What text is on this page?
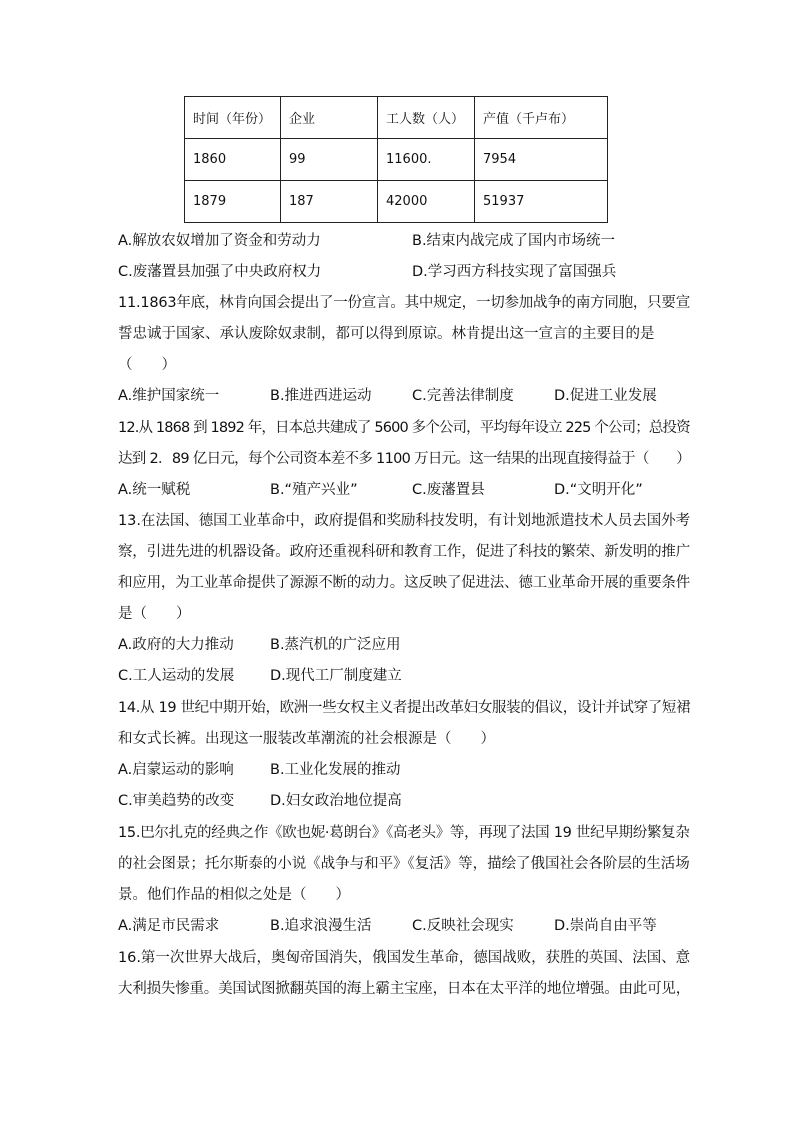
时间（年份）	企业	工人数（人）	产值（千卢布）
1860	99	11600.	7954
1879	187	42000	51937
A.解放农奴增加了资金和劳动力	B.结束内战完成了国内市场统一
C.废藩置县加强了中央政府权力	D.学习西方科技实现了富国强兵
11.1863年底，林肯向国会提出了一份宣言。其中规定，一切参加战争的南方同胞，只要宣
誓忠诚于国家、承认废除奴隶制，都可以得到原谅。林肯提出这一宣言的主要目的是
（　　）
A.维护国家统一	B.推进西进运动	C.完善法律制度	D.促进工业发展
12.从 1868 到 1892 年，日本总共建成了 5600 多个公司，平均每年设立 225 个公司；总投资
达到 2．89 亿日元，每个公司资本差不多 1100 万日元。这一结果的出现直接得益于（　　）
A.统一赋税	B.“殖产兴业”	C.废藩置县	D.“文明开化”
13.在法国、德国工业革命中，政府提倡和奖励科技发明，有计划地派遣技术人员去国外考
察，引进先进的机器设备。政府还重视科研和教育工作，促进了科技的繁荣、新发明的推广
和应用，为工业革命提供了源源不断的动力。这反映了促进法、德工业革命开展的重要条件
是（　　）
A.政府的大力推动 B.蒸汽机的广泛应用
C.工人运动的发展 D.现代工厂制度建立
14.从 19 世纪中期开始，欧洲一些女权主义者提出改革妇女服装的倡议，设计并试穿了短裙
和女式长裤。出现这一服装改革潮流的社会根源是（　　）
A.启蒙运动的影响 B.工业化发展的推动
C.审美趋势的改变 D.妇女政治地位提高
15.巴尔扎克的经典之作《欧也妮·葛朗台》《高老头》等，再现了法国 19 世纪早期纷繁复杂
的社会图景；托尔斯泰的小说《战争与和平》《复活》等，描绘了俄国社会各阶层的生活场
景。他们作品的相似之处是（　　）
A.满足市民需求	B.追求浪漫生活	C.反映社会现实	D.崇尚自由平等
16.第一次世界大战后，奥匈帝国消失，俄国发生革命，德国战败，获胜的英国、法国、意
大利损失惨重。美国试图掀翻英国的海上霸主宝座，日本在太平洋的地位增强。由此可见，
